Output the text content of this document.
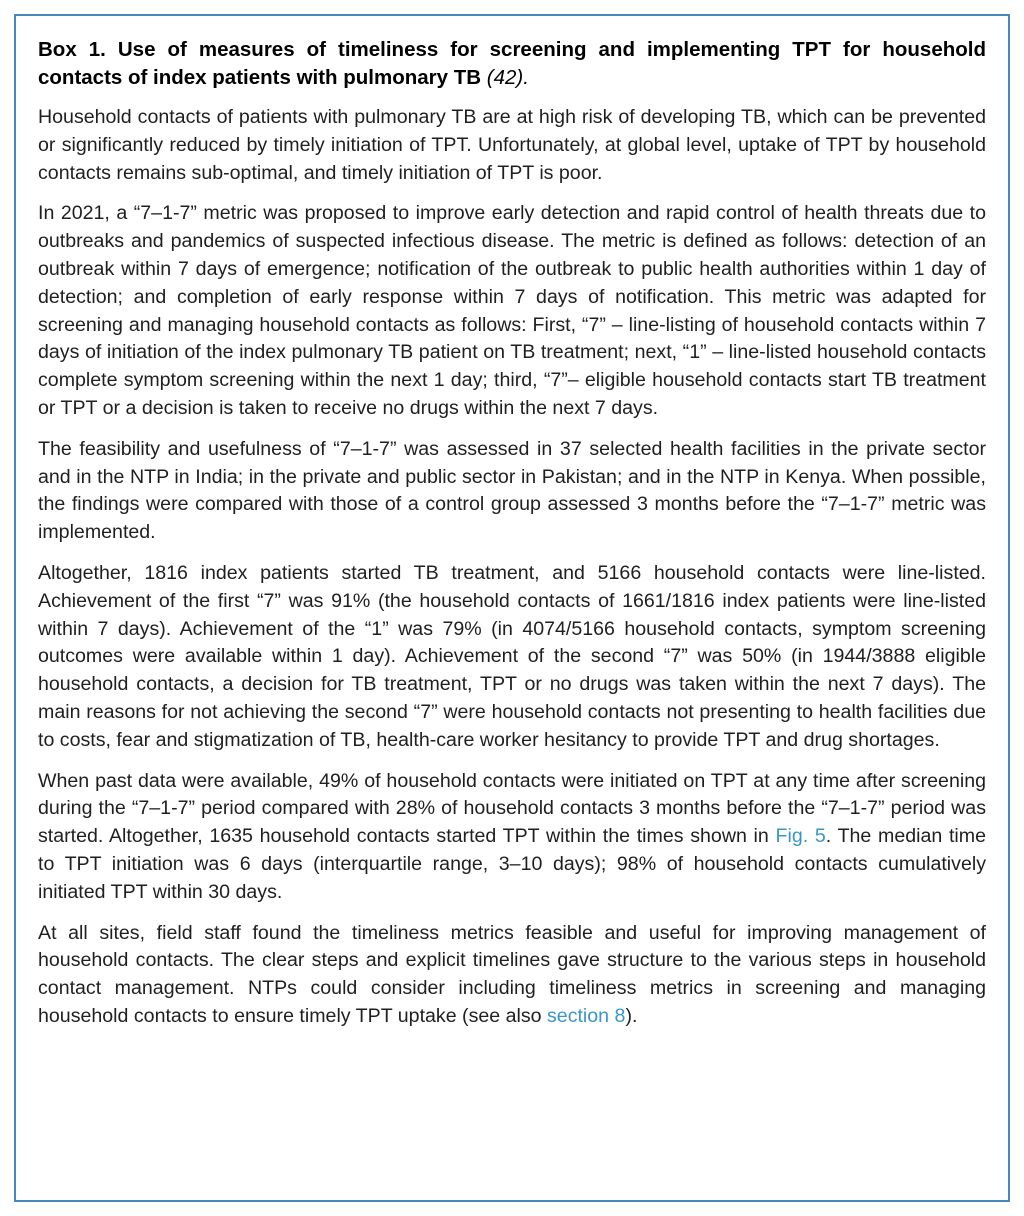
Box 1. Use of measures of timeliness for screening and implementing TPT for household contacts of index patients with pulmonary TB (42).

Household contacts of patients with pulmonary TB are at high risk of developing TB, which can be prevented or significantly reduced by timely initiation of TPT. Unfortunately, at global level, uptake of TPT by household contacts remains sub-optimal, and timely initiation of TPT is poor.

In 2021, a “7–1-7” metric was proposed to improve early detection and rapid control of health threats due to outbreaks and pandemics of suspected infectious disease. The metric is defined as follows: detection of an outbreak within 7 days of emergence; notification of the outbreak to public health authorities within 1 day of detection; and completion of early response within 7 days of notification. This metric was adapted for screening and managing household contacts as follows: First, “7” – line-listing of household contacts within 7 days of initiation of the index pulmonary TB patient on TB treatment; next, “1” – line-listed household contacts complete symptom screening within the next 1 day; third, “7”– eligible household contacts start TB treatment or TPT or a decision is taken to receive no drugs within the next 7 days.

The feasibility and usefulness of “7–1-7” was assessed in 37 selected health facilities in the private sector and in the NTP in India; in the private and public sector in Pakistan; and in the NTP in Kenya. When possible, the findings were compared with those of a control group assessed 3 months before the “7–1-7” metric was implemented.

Altogether, 1816 index patients started TB treatment, and 5166 household contacts were line-listed. Achievement of the first “7” was 91% (the household contacts of 1661/1816 index patients were line-listed within 7 days). Achievement of the “1” was 79% (in 4074/5166 household contacts, symptom screening outcomes were available within 1 day). Achievement of the second “7” was 50% (in 1944/3888 eligible household contacts, a decision for TB treatment, TPT or no drugs was taken within the next 7 days). The main reasons for not achieving the second “7” were household contacts not presenting to health facilities due to costs, fear and stigmatization of TB, health-care worker hesitancy to provide TPT and drug shortages.

When past data were available, 49% of household contacts were initiated on TPT at any time after screening during the “7–1-7” period compared with 28% of household contacts 3 months before the “7–1-7” period was started. Altogether, 1635 household contacts started TPT within the times shown in Fig. 5. The median time to TPT initiation was 6 days (interquartile range, 3–10 days); 98% of household contacts cumulatively initiated TPT within 30 days.

At all sites, field staff found the timeliness metrics feasible and useful for improving management of household contacts. The clear steps and explicit timelines gave structure to the various steps in household contact management. NTPs could consider including timeliness metrics in screening and managing household contacts to ensure timely TPT uptake (see also section 8).
